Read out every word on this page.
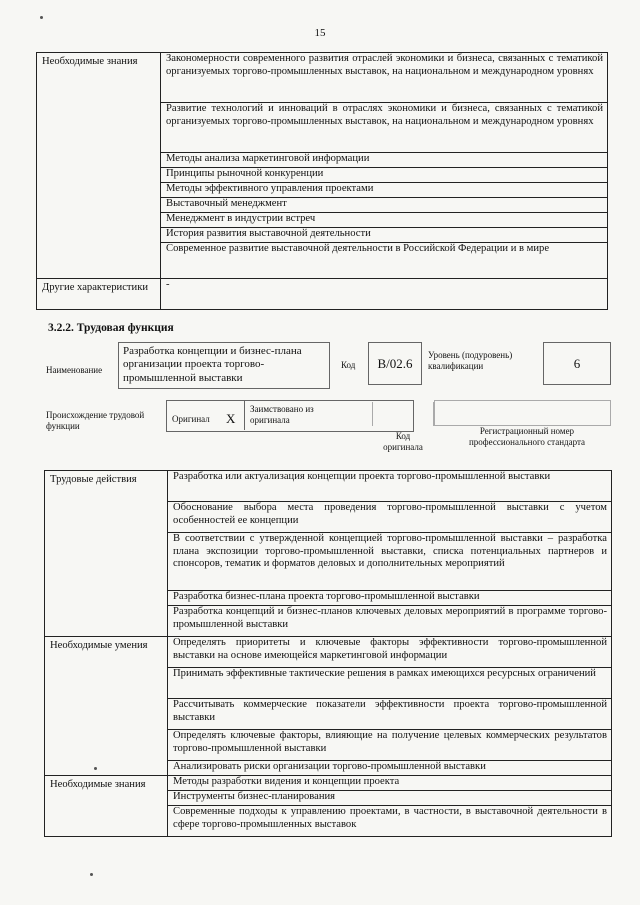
15
Необходимые знания	Закономерности современного развития отраслей экономики и бизнеса, связанных с тематикой организуемых торгово-промышленных выставок, на национальном и международном уровнях
	Развитие технологий и инноваций в отраслях экономики и бизнеса, связанных с тематикой организуемых торгово-промышленных выставок, на национальном и международном уровнях
	Методы анализа маркетинговой информации
	Принципы рыночной конкуренции
	Методы эффективного управления проектами
	Выставочный менеджмент
	Менеджмент в индустрии встреч
	История развития выставочной деятельности
	Современное развитие выставочной деятельности в Российской Федерации и в мире
Другие характеристики	-
3.2.2. Трудовая функция
Наименование
Разработка концепции и бизнес-плана организации проекта торгово-промышленной выставки
Код B/02.6
Уровень (подуровень) квалификации	6
Происхождение трудовой функции
Оригинал X
Заимствовано из оригинала
Код оригинала
Регистрационный номер профессионального стандарта
Трудовые действия	Разработка или актуализация концепции проекта торгово-промышленной выставки
	Обоснование выбора места проведения торгово-промышленной выставки с учетом особенностей ее концепции
	В соответствии с утвержденной концепцией торгово-промышленной выставки – разработка плана экспозиции торгово-промышленной выставки, списка потенциальных партнеров и спонсоров, тематик и форматов деловых и дополнительных мероприятий
	Разработка бизнес-плана проекта торгово-промышленной выставки
	Разработка концепций и бизнес-планов ключевых деловых мероприятий в программе торгово-промышленной выставки
Необходимые умения	Определять приоритеты и ключевые факторы эффективности торгово-промышленной выставки на основе имеющейся маркетинговой информации
	Принимать эффективные тактические решения в рамках имеющихся ресурсных ограничений
	Рассчитывать коммерческие показатели эффективности проекта торгово-промышленной выставки
	Определять ключевые факторы, влияющие на получение целевых коммерческих результатов торгово-промышленной выставки
	Анализировать риски организации торгово-промышленной выставки
Необходимые знания	Методы разработки видения и концепции проекта
	Инструменты бизнес-планирования
	Современные подходы к управлению проектами, в частности, в выставочной деятельности в сфере торгово-промышленных выставок
